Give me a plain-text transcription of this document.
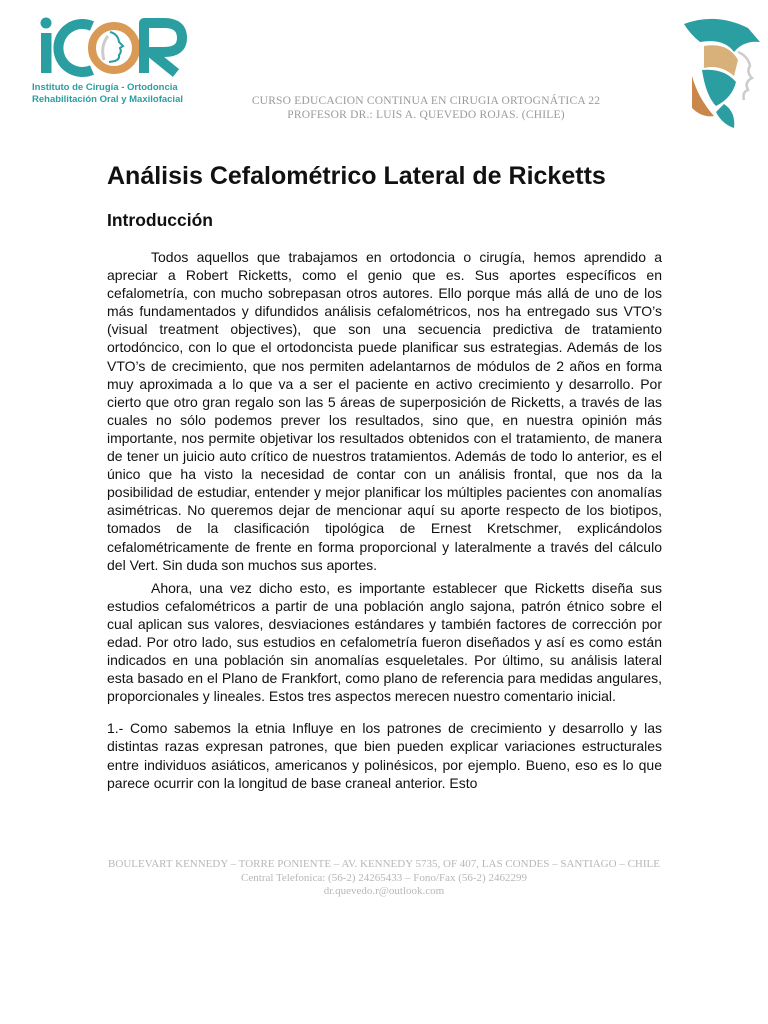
Instituto de Cirugía - Ortodoncia
Rehabilitación Oral y Maxilofacial	CURSO EDUCACION CONTINUA EN CIRUGIA ORTOGNÁTICA 22
PROFESOR DR.: LUIS A. QUEVEDO ROJAS. (CHILE)
Análisis Cefalométrico Lateral de Ricketts
Introducción

Todos aquellos que trabajamos en ortodoncia o cirugía, hemos aprendido a apreciar a Robert Ricketts, como el genio que es. Sus aportes específicos en cefalometría, con mucho sobrepasan otros autores. Ello porque más allá de uno de los más fundamentados y difundidos análisis cefalométricos, nos ha entregado sus VTO’s (visual treatment objectives), que son una secuencia predictiva de tratamiento ortodóncico, con lo que el ortodoncista puede planificar sus estrategias. Además de los VTO’s de crecimiento, que nos permiten adelantarnos de módulos de 2 años en forma muy aproximada a lo que va a ser el paciente en activo crecimiento y desarrollo. Por cierto que otro gran regalo son las 5 áreas de superposición de Ricketts, a través de las cuales no sólo podemos prever los resultados, sino que, en nuestra opinión más importante, nos permite objetivar los resultados obtenidos con el tratamiento, de manera de tener un juicio auto crítico de nuestros tratamientos. Además de todo lo anterior, es el único que ha visto la necesidad de contar con un análisis frontal, que nos da la posibilidad de estudiar, entender y mejor planificar los múltiples pacientes con anomalías asimétricas. No queremos dejar de mencionar aquí su aporte respecto de los biotipos, tomados de la clasificación tipológica de Ernest Kretschmer, explicándolos cefalométricamente de frente en forma proporcional y lateralmente a través del cálculo del Vert. Sin duda son muchos sus aportes.

Ahora, una vez dicho esto, es importante establecer que Ricketts diseña sus estudios cefalométricos a partir de una población anglo sajona, patrón étnico sobre el cual aplican sus valores, desviaciones estándares y también factores de corrección por edad. Por otro lado, sus estudios en cefalometría fueron diseñados y así es como están indicados en una población sin anomalías esqueletales. Por último, su análisis lateral esta basado en el Plano de Frankfort, como plano de referencia para medidas angulares, proporcionales y lineales. Estos tres aspectos merecen nuestro comentario inicial.

1.- Como sabemos la etnia Influye en los patrones de crecimiento y desarrollo y las distintas razas expresan patrones, que bien pueden explicar variaciones estructurales entre individuos asiáticos, americanos y polinésicos, por ejemplo. Bueno, eso es lo que parece ocurrir con la longitud de base craneal anterior. Esto

BOULEVART KENNEDY – TORRE PONIENTE – AV. KENNEDY 5735, OF 407, LAS CONDES – SANTIAGO – CHILE
Central Telefonica: (56-2) 24265433 – Fono/Fax (56-2) 2462299
dr.quevedo.r@outlook.com
